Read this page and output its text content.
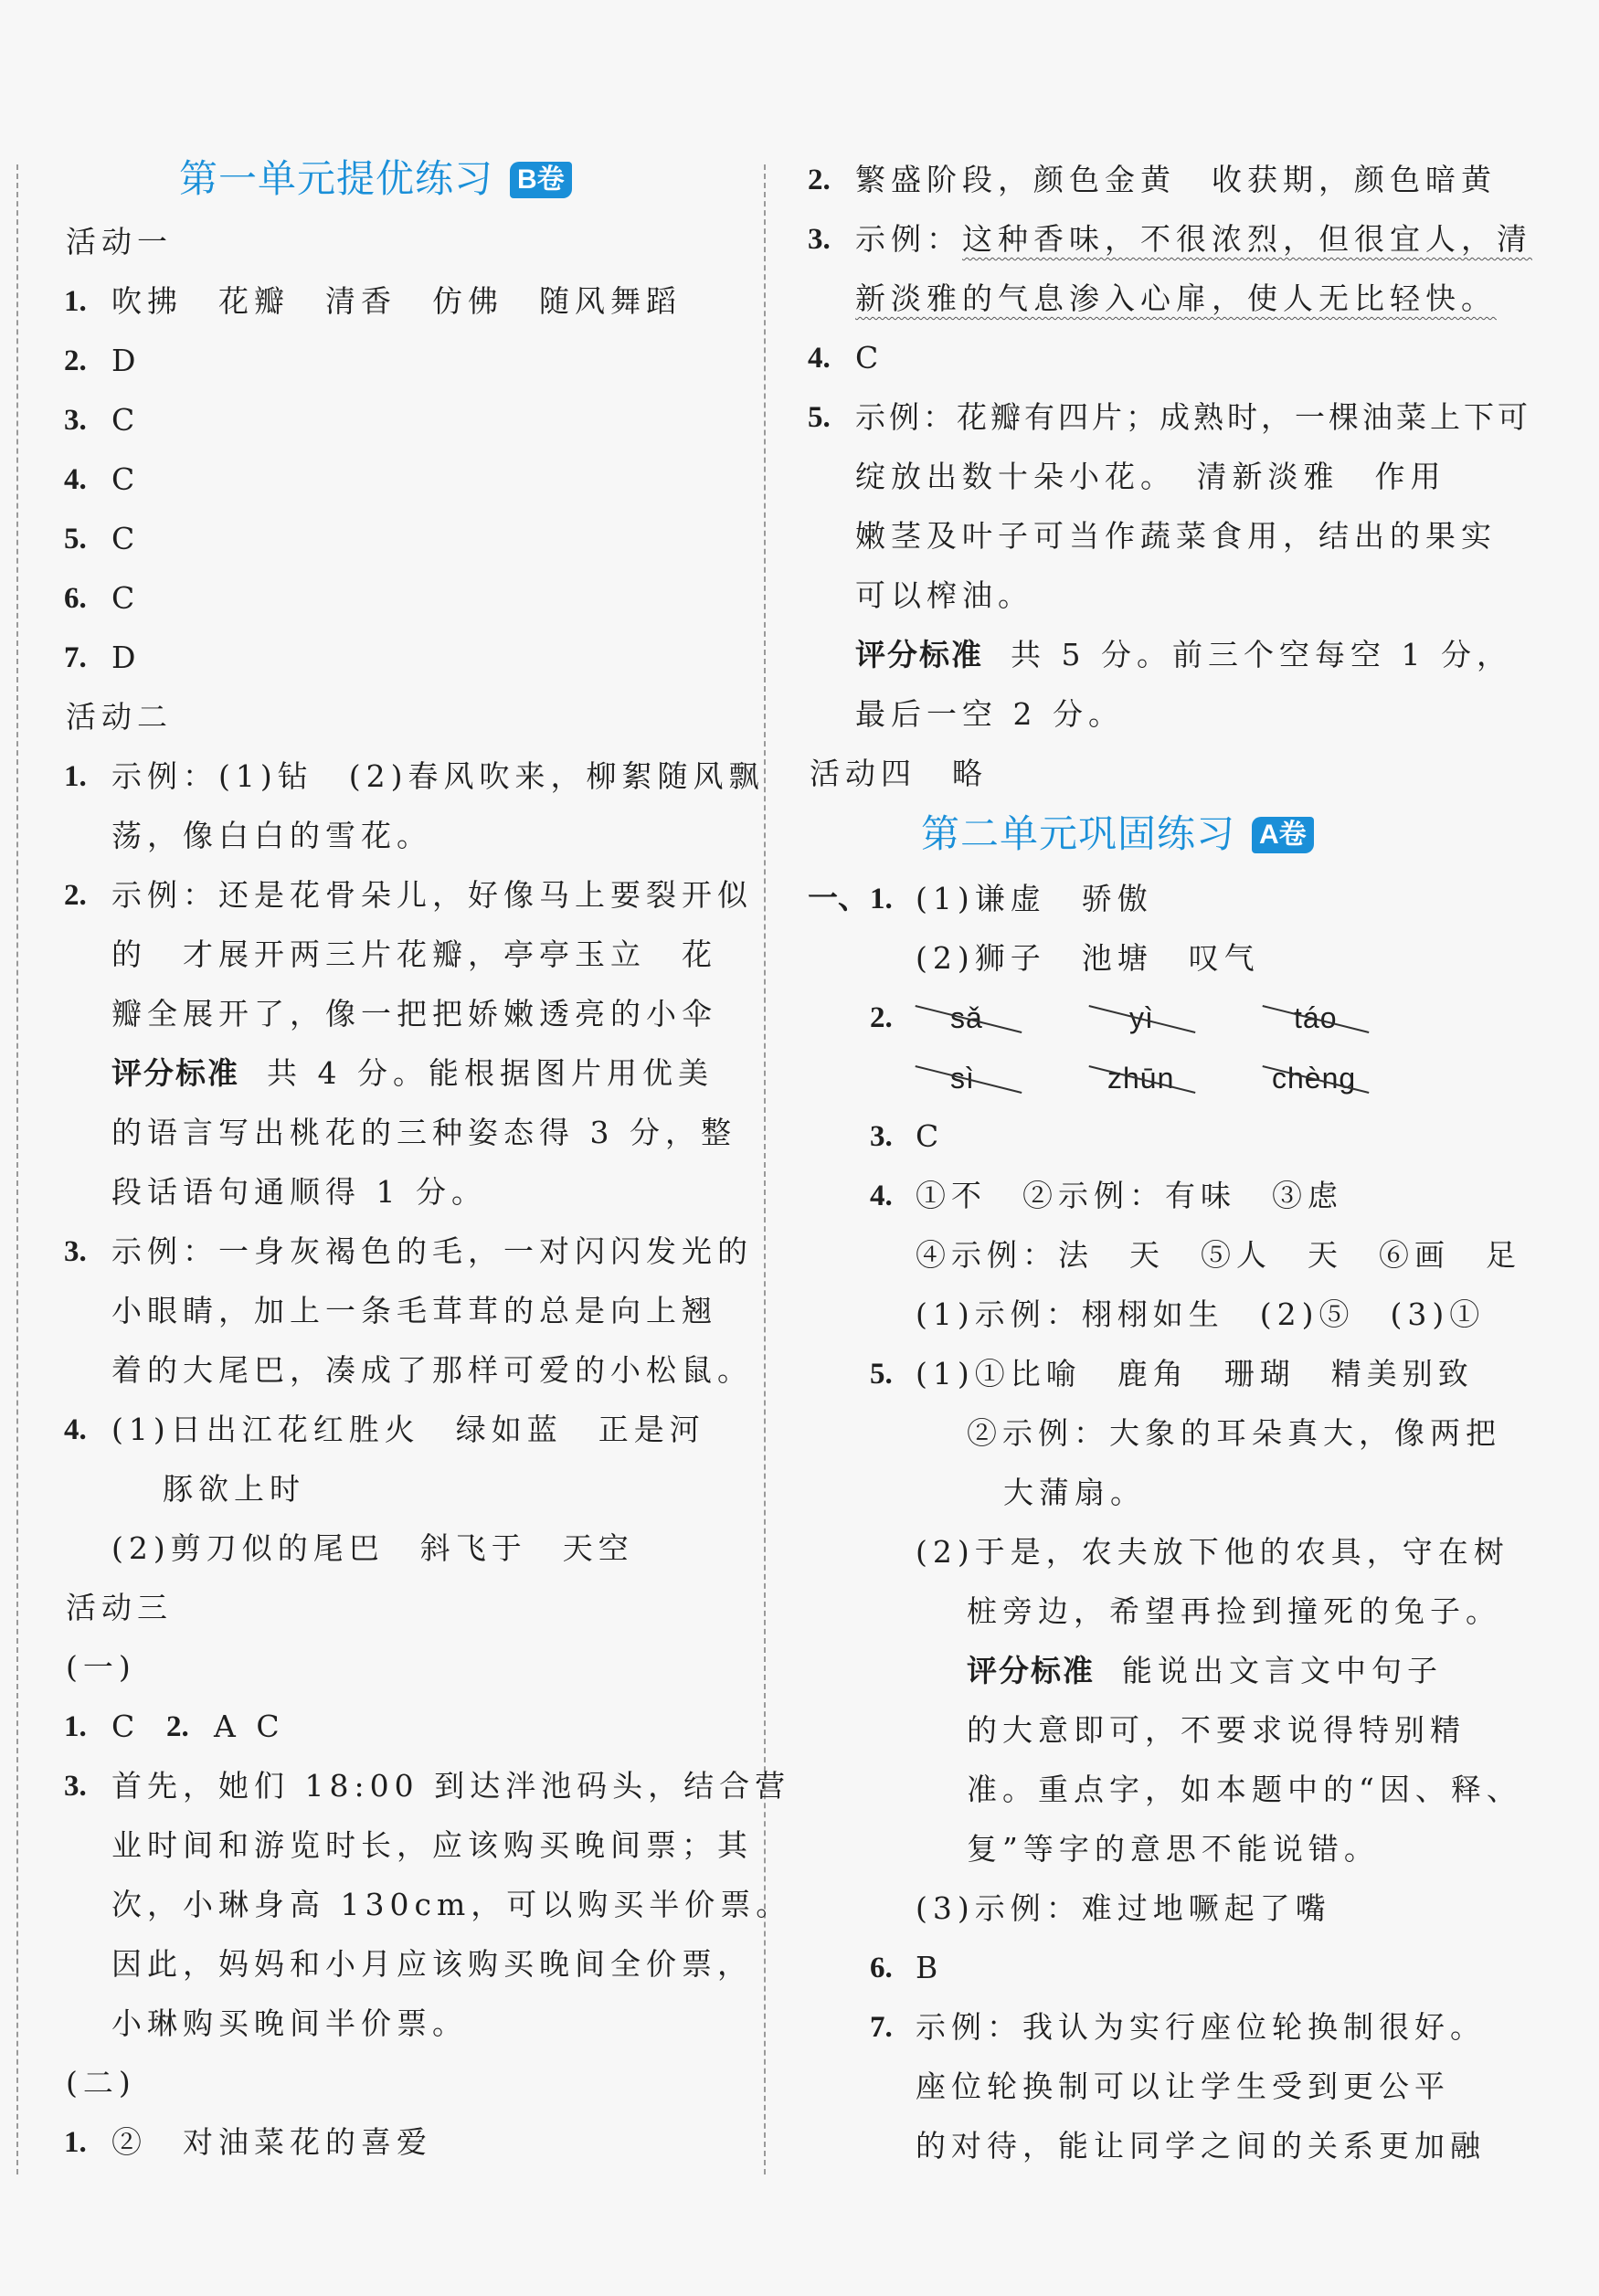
第一单元提优练习 B卷
活动一
1. 吹拂　花瓣　清香　仿佛　随风舞蹈
2. D
3. C
4. C
5. C
6. C
7. D
活动二
1. 示例：(1)钻　(2)春风吹来，柳絮随风飘
荡，像白白的雪花。
2. 示例：还是花骨朵儿，好像马上要裂开似
的　才展开两三片花瓣，亭亭玉立　花
瓣全展开了，像一把把娇嫩透亮的小伞
评分标准 共 4 分。能根据图片用优美
的语言写出桃花的三种姿态得 3 分，整
段话语句通顺得 1 分。
3. 示例：一身灰褐色的毛，一对闪闪发光的
小眼睛，加上一条毛茸茸的总是向上翘
着的大尾巴，凑成了那样可爱的小松鼠。
4. (1)日出江花红胜火　绿如蓝　正是河
豚欲上时
(2)剪刀似的尾巴　斜飞于　天空
活动三
(一)
1. C 2. A C
3. 首先，她们 18:00 到达泮池码头，结合营
业时间和游览时长，应该购买晚间票；其
次，小琳身高 130cm，可以购买半价票。
因此，妈妈和小月应该购买晚间全价票，
小琳购买晚间半价票。
(二)
1. ②　对油菜花的喜爱
2. 繁盛阶段，颜色金黄　收获期，颜色暗黄
3. 示例：这种香味，不很浓烈，但很宜人，清
新淡雅的气息渗入心扉，使人无比轻快。
4. C
5. 示例：花瓣有四片；成熟时，一棵油菜上下可
绽放出数十朵小花。　清新淡雅　作用
嫩茎及叶子可当作蔬菜食用，结出的果实
可以榨油。
评分标准 共 5 分。前三个空每空 1 分，
最后一空 2 分。
活动四　略
第二单元巩固练习 A卷
一、 1. (1)谦虚　骄傲
(2)狮子　池塘　叹气
2. sǎ	yì	táo
sì	zhūn	chèng
3. C
4. ①不　②示例：有味　③虑
④示例：法　天　⑤人　天　⑥画　足
(1)示例：栩栩如生　(2)⑤　(3)①
5. (1)①比喻　鹿角　珊瑚　精美别致
②示例：大象的耳朵真大，像两把
大蒲扇。
(2)于是，农夫放下他的农具，守在树
桩旁边，希望再捡到撞死的兔子。
评分标准 能说出文言文中句子
的大意即可，不要求说得特别精
准。重点字，如本题中的“因、释、
复”等字的意思不能说错。
(3)示例：难过地噘起了嘴
6. B
7. 示例：我认为实行座位轮换制很好。
座位轮换制可以让学生受到更公平
的对待，能让同学之间的关系更加融
